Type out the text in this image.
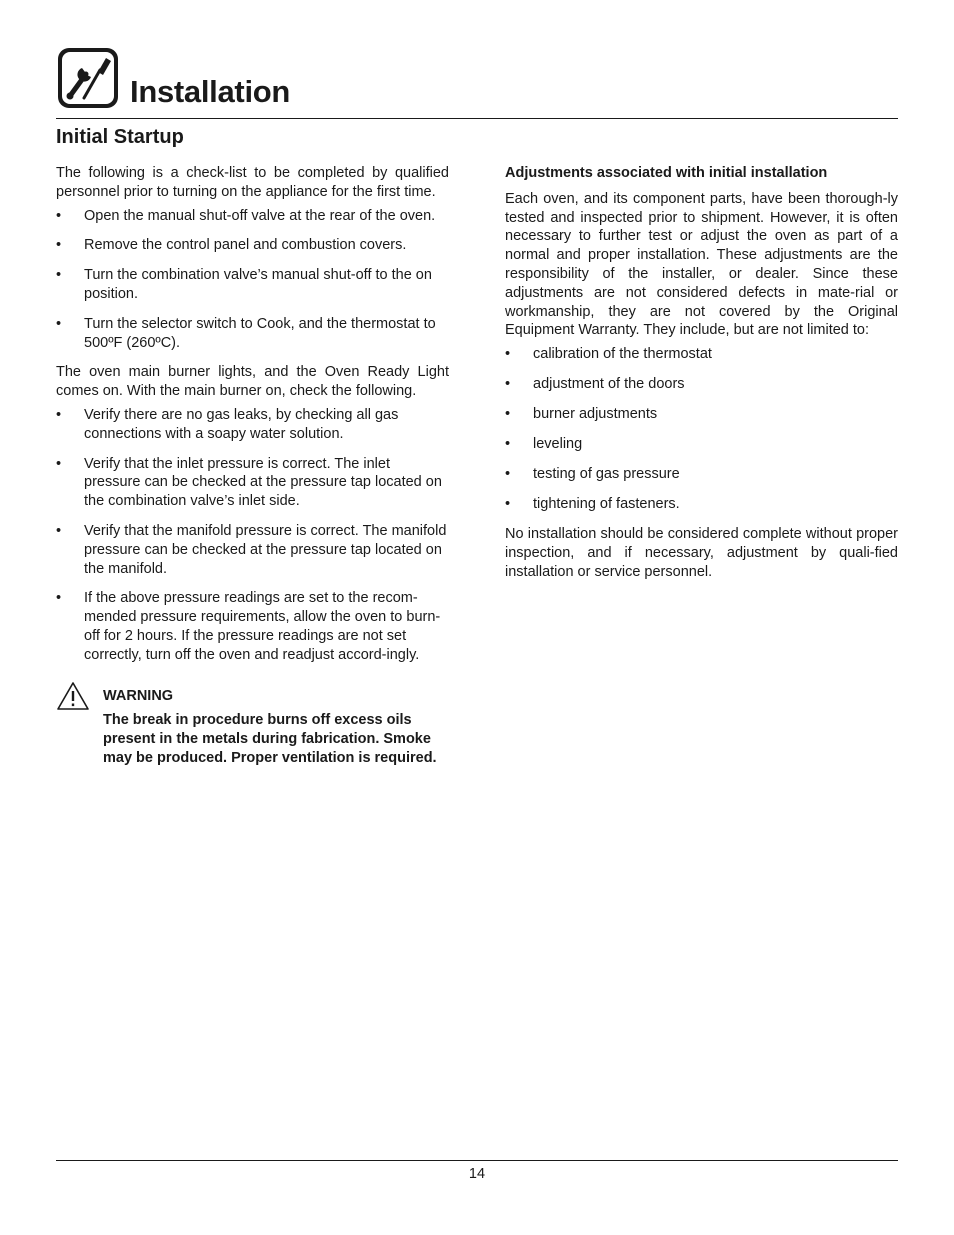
Installation
Initial Startup

The following is a check-list to be completed by qualified personnel prior to turning on the appliance for the first time.

• Open the manual shut-off valve at the rear of the oven.
• Remove the control panel and combustion covers.
• Turn the combination valve’s manual shut-off to the on position.
• Turn the selector switch to Cook, and the thermostat to 500ºF (260ºC).

The oven main burner lights, and the Oven Ready Light comes on. With the main burner on, check the following.

• Verify there are no gas leaks, by checking all gas connections with a soapy water solution.
• Verify that the inlet pressure is correct. The inlet pressure can be checked at the pressure tap located on the combination valve’s inlet side.
• Verify that the manifold pressure is correct. The manifold pressure can be checked at the pressure tap located on the manifold.
• If the above pressure readings are set to the recom-mended pressure requirements, allow the oven to burn-off for 2 hours. If the pressure readings are not set correctly, turn off the oven and readjust accord-ingly.
WARNING
The break in procedure burns off excess oils present in the metals during fabrication. Smoke may be produced. Proper ventilation is required.
Adjustments associated with initial installation

Each oven, and its component parts, have been thorough-ly tested and inspected prior to shipment. However, it is often necessary to further test or adjust the oven as part of a normal and proper installation. These adjustments are the responsibility of the installer, or dealer. Since these adjustments are not considered defects in mate-rial or workmanship, they are not covered by the Original Equipment Warranty. They include, but are not limited to:

• calibration of the thermostat
• adjustment of the doors
• burner adjustments
• leveling
• testing of gas pressure
• tightening of fasteners.

No installation should be considered complete without proper inspection, and if necessary, adjustment by quali-fied installation or service personnel.

14
